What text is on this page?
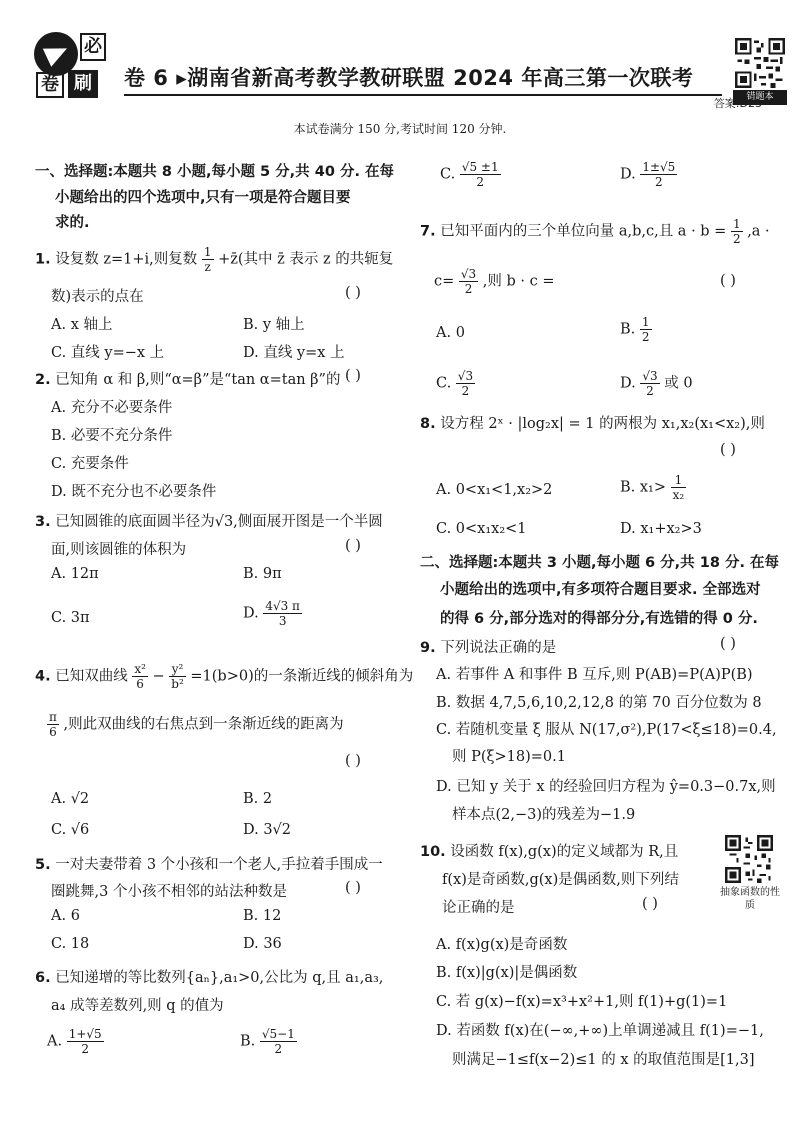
必
卷 刷 卷 6 ▸湖南省新高考教学教研联盟 2024 年高三第一次联考
错题本
答案:D23
本试卷满分 150 分,考试时间 120 分钟.
一、选择题:本题共 8 小题,每小题 5 分,共 40 分. 在每
小题给出的四个选项中,只有一项是符合题目要
求的.
1. 设复数 z=1+i,则复数 $\frac{1}{z}$ +z̄(其中 z̄ 表示 z 的共轭复
数)表示的点在	( )
A. x 轴上	B. y 轴上
C. 直线 y=−x 上	D. 直线 y=x 上
2. 已知角 α 和 β,则“α=β”是“tan α=tan β”的 ( )
A. 充分不必要条件
B. 必要不充分条件
C. 充要条件
D. 既不充分也不必要条件
3. 已知圆锥的底面圆半径为√3,侧面展开图是一个半圆
面,则该圆锥的体积为	( )
A. 12π	B. 9π
C. 3π	D. $\frac{4√3 \pi}{3}$
4. 已知双曲线 $\frac{\text{x²}}{6} - \frac{\text{y²}}{\text{b²}} =1(b>0)$的一条渐近线的倾斜角为
$\frac{\pi}{6}$ ,则此双曲线的右焦点到一条渐近线的距离为
( )
A. √2	B. 2
C. √6	D. 3√2
5. 一对夫妻带着 3 个小孩和一个老人,手拉着手围成一
圈跳舞,3 个小孩不相邻的站法种数是	( )
A. 6	B. 12
C. 18	D. 36
6. 已知递增的等比数列{aₙ},a₁>0,公比为 q,且 a₁,a₃,
a₄ 成等差数列,则 q 的值为
A. $\frac{1+√5}{2}$	B. $\frac{√5-1}{2}$
C. $\frac{√5 \pm 1}{2}$	D. $\frac{1\pm√5}{2}$
7. 已知平面内的三个单位向量 a,b,c,且 $a \cdot b = \frac{1}{2} ,a$ ·
$c= \frac{√3}{2}$ ,则 b · c =	( )
A. 0	B. $\frac{1}{2}$
C. $\frac{√3}{2}$	D. $\frac{√3}{2}$ 或 0
8. 设方程 2ˣ · |log₂x| = 1 的两根为 x₁,x₂(x₁<x₂),则
( )
A. 0<x₁<1,x₂>2	B. $x_1> \frac{1}{\text{x₂}}$
C. 0<x₁x₂<1	D. x₁+x₂>3
二、选择题:本题共 3 小题,每小题 6 分,共 18 分. 在每
小题给出的选项中,有多项符合题目要求. 全部选对
的得 6 分,部分选对的得部分分,有选错的得 0 分.
9. 下列说法正确的是	( )
A. 若事件 A 和事件 B 互斥,则 P(AB)=P(A)P(B)
B. 数据 4,7,5,6,10,2,12,8 的第 70 百分位数为 8
C. 若随机变量 ξ 服从 N(17,σ²),P(17<ξ≤18)=0.4,
则 P(ξ>18)=0.1
D. 已知 y 关于 x 的经验回归方程为 ŷ=0.3−0.7x,则
样本点(2,−3)的残差为−1.9
10. 设函数 f(x),g(x)的定义域都为 R,且
f(x)是奇函数,g(x)是偶函数,则下列结
论正确的是	( )
抽象函数的性质
A. f(x)g(x)是奇函数
B. f(x)|g(x)|是偶函数
C. 若 g(x)−f(x)=x³+x²+1,则 f(1)+g(1)=1
D. 若函数 f(x)在(−∞,+∞)上单调递减且 f(1)=−1,
则满足−1≤f(x−2)≤1 的 x 的取值范围是[1,3]
